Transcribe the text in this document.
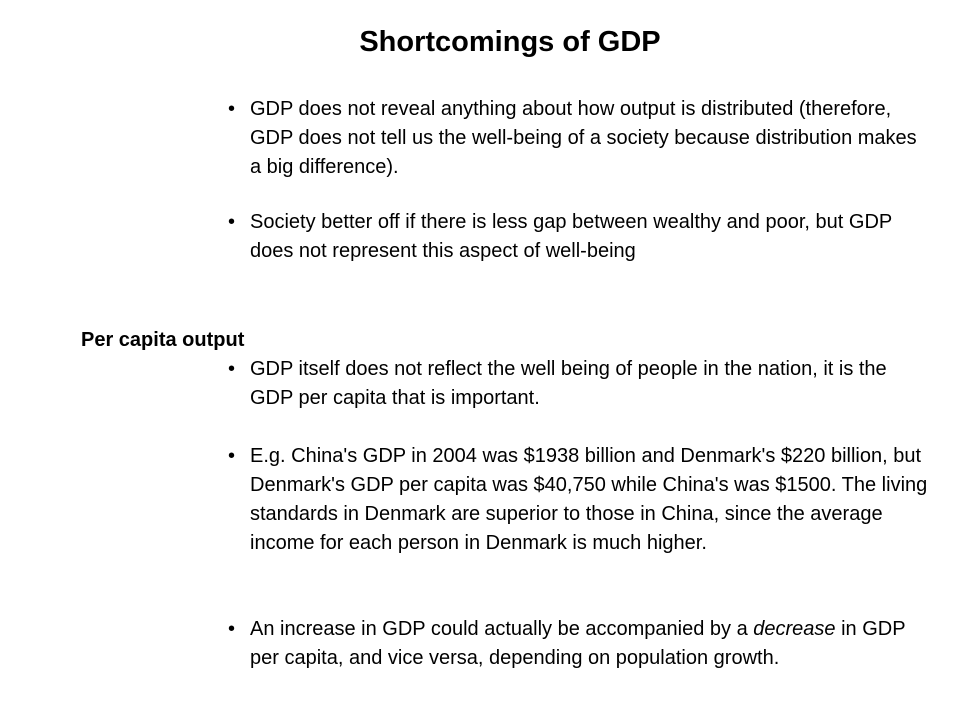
Shortcomings of GDP
• GDP does not reveal anything about how output is distributed (therefore, GDP does not tell us the well-being of a society because distribution makes a big difference).
• Society better off if there is less gap between wealthy and poor, but GDP does not represent this aspect of well-being
Per capita output
• GDP itself does not reflect the well being of people in the nation, it is the GDP per capita that is important.
• E.g. China's GDP in 2004 was $1938 billion and Denmark's $220 billion, but Denmark's GDP per capita was $40,750 while China's was $1500. The living standards in Denmark are superior to those in China, since the average income for each person in Denmark is much higher.
• An increase in GDP could actually be accompanied by a decrease in GDP per capita, and vice versa, depending on population growth.
